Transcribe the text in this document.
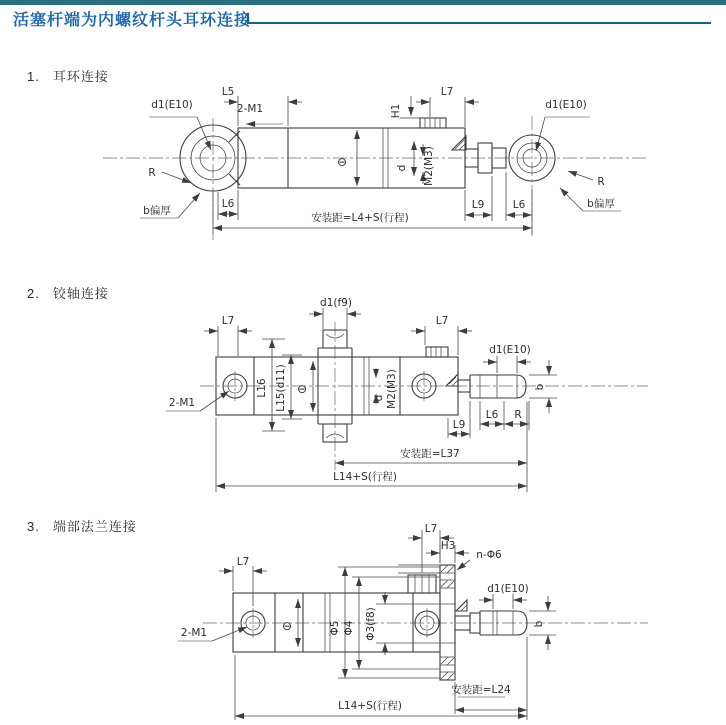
活塞杆端为内螺纹杆头耳环连接
1. 耳环连接
2. 铰轴连接
3. 端部法兰连接
L5
2-M1
d1(E10)
R
b偏厚
L6
H1
L7
d1(E10)
R
b偏厚
⊖	d M2(M3)
L9	L6
安装距=L4+S(行程)
L7
d1(f9)
L16 L15(d11) ⊖
2-M1	d M2(M3)
L7
d1(E10)
b
L9
L6 R
安装距=L37
L14+S(行程)
L7
2-M1	⊖	Φ5 Φ4 Φ3(f8)
L7
H3
n-Φ6
d1(E10)
b
安装距=L24
L14+S(行程)
